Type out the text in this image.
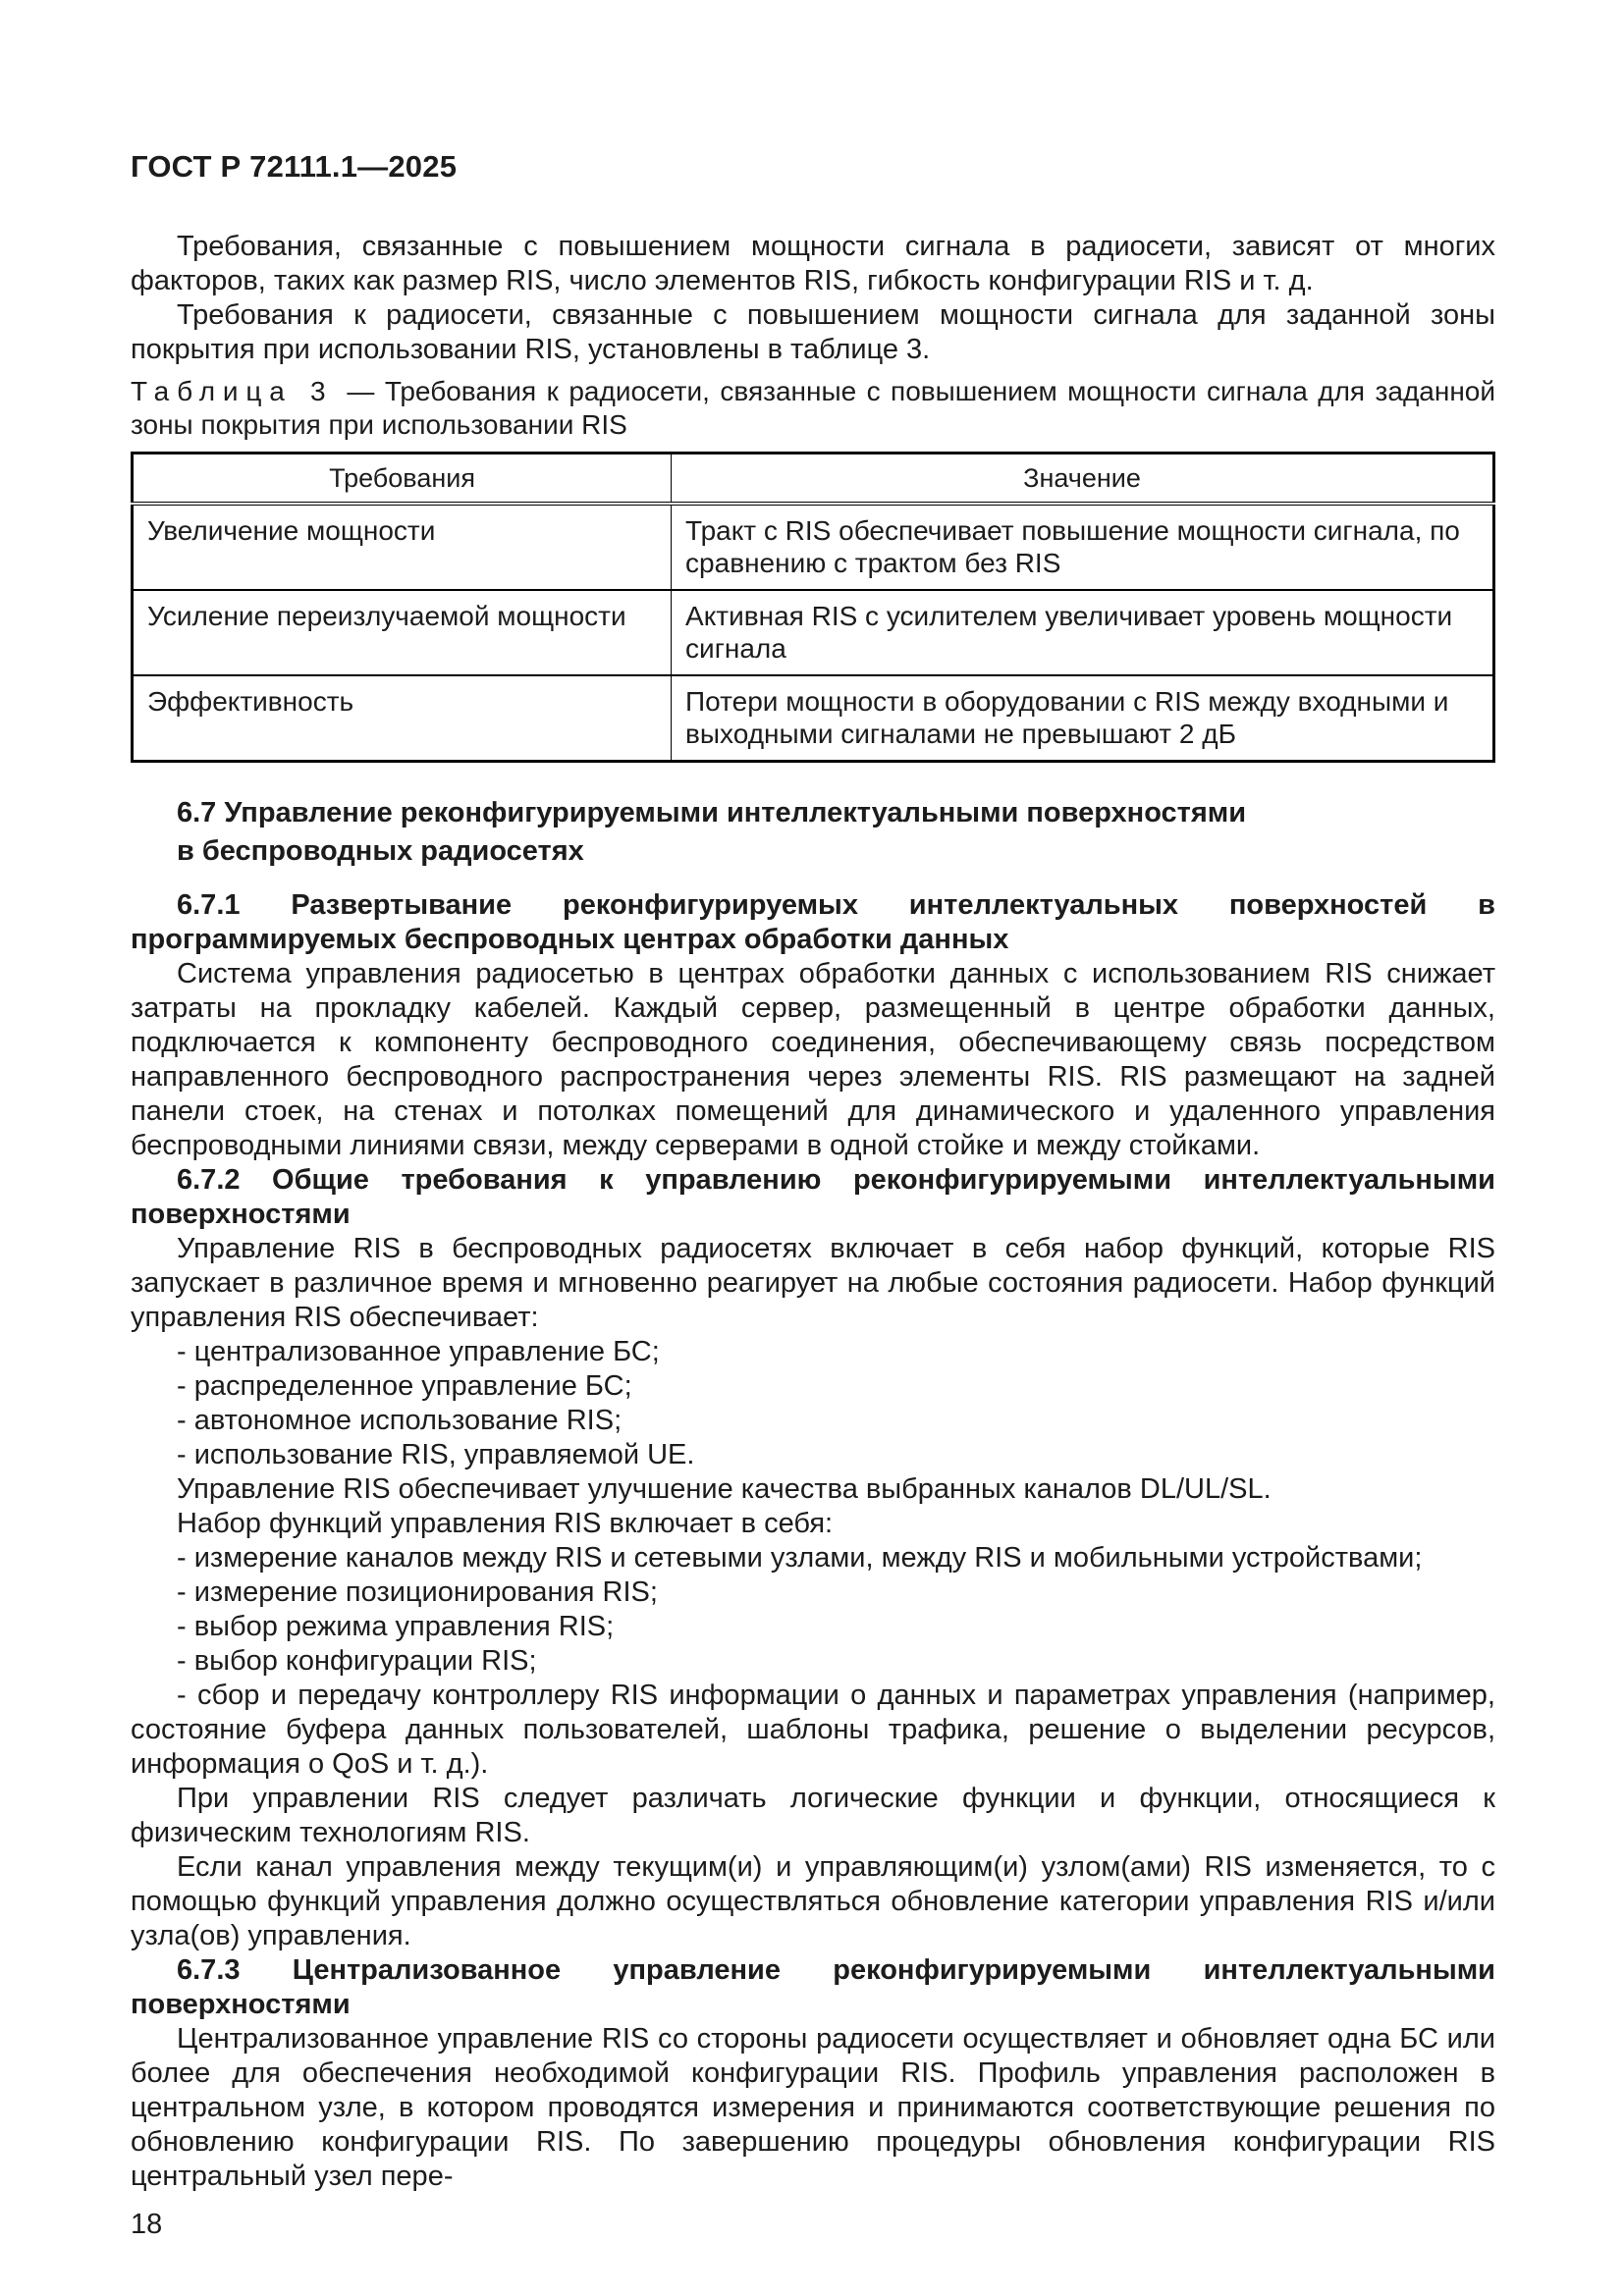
ГОСТ Р 72111.1—2025

Требования, связанные с повышением мощности сигнала в радиосети, зависят от многих факторов, таких как размер RIS, число элементов RIS, гибкость конфигурации RIS и т. д.

Требования к радиосети, связанные с повышением мощности сигнала для заданной зоны покрытия при использовании RIS, установлены в таблице 3.

Таблица 3 — Требования к радиосети, связанные с повышением мощности сигнала для заданной зоны покрытия при использовании RIS

Требования	Значение
Увеличение мощности	Тракт с RIS обеспечивает повышение мощности сигнала, по сравнению с трактом без RIS
Усиление переизлучаемой мощности	Активная RIS с усилителем увеличивает уровень мощности сигнала
Эффективность	Потери мощности в оборудовании с RIS между входными и выходными сигналами не превышают 2 дБ
6.7 Управление реконфигурируемыми интеллектуальными поверхностями
в беспроводных радиосетях

6.7.1 Развертывание реконфигурируемых интеллектуальных поверхностей в программируемых беспроводных центрах обработки данных

Система управления радиосетью в центрах обработки данных с использованием RIS снижает затраты на прокладку кабелей. Каждый сервер, размещенный в центре обработки данных, подключается к компоненту беспроводного соединения, обеспечивающему связь посредством направленного беспроводного распространения через элементы RIS. RIS размещают на задней панели стоек, на стенах и потолках помещений для динамического и удаленного управления беспроводными линиями связи, между серверами в одной стойке и между стойками.

6.7.2 Общие требования к управлению реконфигурируемыми интеллектуальными поверхностями

Управление RIS в беспроводных радиосетях включает в себя набор функций, которые RIS запускает в различное время и мгновенно реагирует на любые состояния радиосети. Набор функций управления RIS обеспечивает:

- централизованное управление БС;

- распределенное управление БС;

- автономное использование RIS;

- использование RIS, управляемой UE.

Управление RIS обеспечивает улучшение качества выбранных каналов DL/UL/SL.

Набор функций управления RIS включает в себя:

- измерение каналов между RIS и сетевыми узлами, между RIS и мобильными устройствами;

- измерение позиционирования RIS;

- выбор режима управления RIS;

- выбор конфигурации RIS;

- сбор и передачу контроллеру RIS информации о данных и параметрах управления (например, состояние буфера данных пользователей, шаблоны трафика, решение о выделении ресурсов, информация о QoS и т. д.).

При управлении RIS следует различать логические функции и функции, относящиеся к физическим технологиям RIS.

Если канал управления между текущим(и) и управляющим(и) узлом(ами) RIS изменяется, то с помощью функций управления должно осуществляться обновление категории управления RIS и/или узла(ов) управления.

6.7.3 Централизованное управление реконфигурируемыми интеллектуальными поверхностями

Централизованное управление RIS со стороны радиосети осуществляет и обновляет одна БС или более для обеспечения необходимой конфигурации RIS. Профиль управления расположен в центральном узле, в котором проводятся измерения и принимаются соответствующие решения по обновлению конфигурации RIS. По завершению процедуры обновления конфигурации RIS центральный узел пере-

18
